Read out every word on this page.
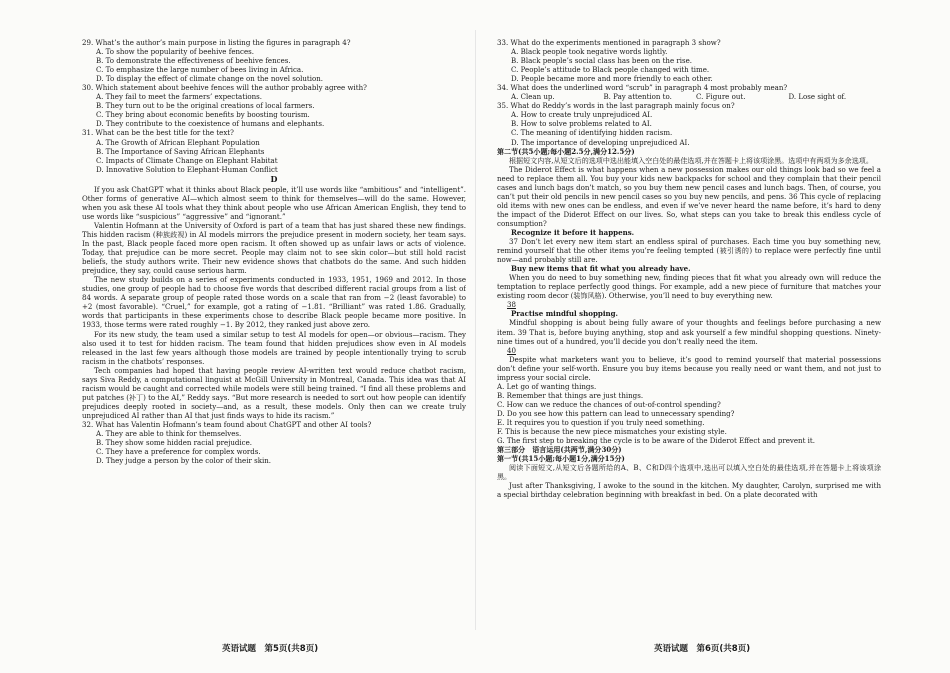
29. What’s the author’s main purpose in listing the figures in paragraph 4?

A. To show the popularity of beehive fences.

B. To demonstrate the effectiveness of beehive fences.

C. To emphasize the large number of bees living in Africa.

D. To display the effect of climate change on the novel solution.

30. Which statement about beehive fences will the author probably agree with?

A. They fail to meet the farmers’ expectations.

B. They turn out to be the original creations of local farmers.

C. They bring about economic benefits by boosting tourism.

D. They contribute to the coexistence of humans and elephants.

31. What can be the best title for the text?

A. The Growth of African Elephant Population

B. The Importance of Saving African Elephants

C. Impacts of Climate Change on Elephant Habitat

D. Innovative Solution to Elephant-Human Conflict

D

If you ask ChatGPT what it thinks about Black people, it’ll use words like “ambitious” and “intelligent”. Other forms of generative AI—which almost seem to think for themselves—will do the same. However, when you ask these AI tools what they think about people who use African American English, they tend to use words like “suspicious” “aggressive” and “ignorant.”

Valentin Hofmann at the University of Oxford is part of a team that has just shared these new findings. This hidden racism (种族歧视) in AI models mirrors the prejudice present in modern society, her team says. In the past, Black people faced more open racism. It often showed up as unfair laws or acts of violence. Today, that prejudice can be more secret. People may claim not to see skin color—but still hold racist beliefs, the study authors write. Their new evidence shows that chatbots do the same. And such hidden prejudice, they say, could cause serious harm.

The new study builds on a series of experiments conducted in 1933, 1951, 1969 and 2012. In those studies, one group of people had to choose five words that described different racial groups from a list of 84 words. A separate group of people rated those words on a scale that ran from −2 (least favorable) to +2 (most favorable). “Cruel,” for example, got a rating of −1.81. “Brilliant” was rated 1.86. Gradually, words that participants in these experiments chose to describe Black people became more positive. In 1933, those terms were rated roughly −1. By 2012, they ranked just above zero.

For its new study, the team used a similar setup to test AI models for open—or obvious—racism. They also used it to test for hidden racism. The team found that hidden prejudices show even in AI models released in the last few years although those models are trained by people intentionally trying to scrub racism in the chatbots’ responses.

Tech companies had hoped that having people review AI-written text would reduce chatbot racism, says Siva Reddy, a computational linguist at McGill University in Montreal, Canada. This idea was that AI racism would be caught and corrected while models were still being trained. “I find all these problems and put patches (补丁) to the AI,” Reddy says. “But more research is needed to sort out how people can identify prejudices deeply rooted in society—and, as a result, these models. Only then can we create truly unprejudiced AI rather than AI that just finds ways to hide its racism.”

32. What has Valentin Hofmann’s team found about ChatGPT and other AI tools?

A. They are able to think for themselves.

B. They show some hidden racial prejudice.

C. They have a preference for complex words.

D. They judge a person by the color of their skin.

33. What do the experiments mentioned in paragraph 3 show?

A. Black people took negative words lightly.

B. Black people’s social class has been on the rise.

C. People’s attitude to Black people changed with time.

D. People became more and more friendly to each other.

34. What does the underlined word “scrub” in paragraph 4 most probably mean?

A. Clean up.	B. Pay attention to.	C. Figure out.	D. Lose sight of.

35. What do Reddy’s words in the last paragraph mainly focus on?

A. How to create truly unprejudiced AI.

B. How to solve problems related to AI.

C. The meaning of identifying hidden racism.

D. The importance of developing unprejudiced AI.

第二节(共5小题;每小题2.5分,满分12.5分)

根据短文内容,从短文后的选项中选出能填入空白处的最佳选项,并在答题卡上将该项涂黑。选项中有两项为多余选项。

The Diderot Effect is what happens when a new possession makes our old things look bad so we feel a need to replace them all. You buy your kids new backpacks for school and they complain that their pencil cases and lunch bags don’t match, so you buy them new pencil cases and lunch bags. Then, of course, you can’t put their old pencils in new pencil cases so you buy new pencils, and pens. 36 This cycle of replacing old items with new ones can be endless, and even if we’ve never heard the name before, it’s hard to deny the impact of the Diderot Effect on our lives. So, what steps can you take to break this endless cycle of consumption?

Recognize it before it happens.

37 Don’t let every new item start an endless spiral of purchases. Each time you buy something new, remind yourself that the other items you’re feeling tempted (被引诱的) to replace were perfectly fine until now—and probably still are.

Buy new items that fit what you already have.

When you do need to buy something new, finding pieces that fit what you already own will reduce the temptation to replace perfectly good things. For example, add a new piece of furniture that matches your existing room decor (装饰风格). Otherwise, you’ll need to buy everything new.

38

Practise mindful shopping.

Mindful shopping is about being fully aware of your thoughts and feelings before purchasing a new item. 39 That is, before buying anything, stop and ask yourself a few mindful shopping questions. Ninety-nine times out of a hundred, you’ll decide you don’t really need the item.

40

Despite what marketers want you to believe, it’s good to remind yourself that material possessions don’t define your self-worth. Ensure you buy items because you really need or want them, and not just to impress your social circle.

A. Let go of wanting things.

B. Remember that things are just things.

C. How can we reduce the chances of out-of-control spending?

D. Do you see how this pattern can lead to unnecessary spending?

E. It requires you to question if you truly need something.

F. This is because the new piece mismatches your existing style.

G. The first step to breaking the cycle is to be aware of the Diderot Effect and prevent it.

第三部分　语言运用(共两节,满分30分)

第一节(共15小题;每小题1分,满分15分)

阅读下面短文,从短文后各题所给的A、B、C和D四个选项中,选出可以填入空白处的最佳选项,并在答题卡上将该项涂黑。

Just after Thanksgiving, I awoke to the sound in the kitchen. My daughter, Carolyn, surprised me with a special birthday celebration beginning with breakfast in bed. On a plate decorated with

英语试题　第5页(共8页)	英语试题　第6页(共8页)
